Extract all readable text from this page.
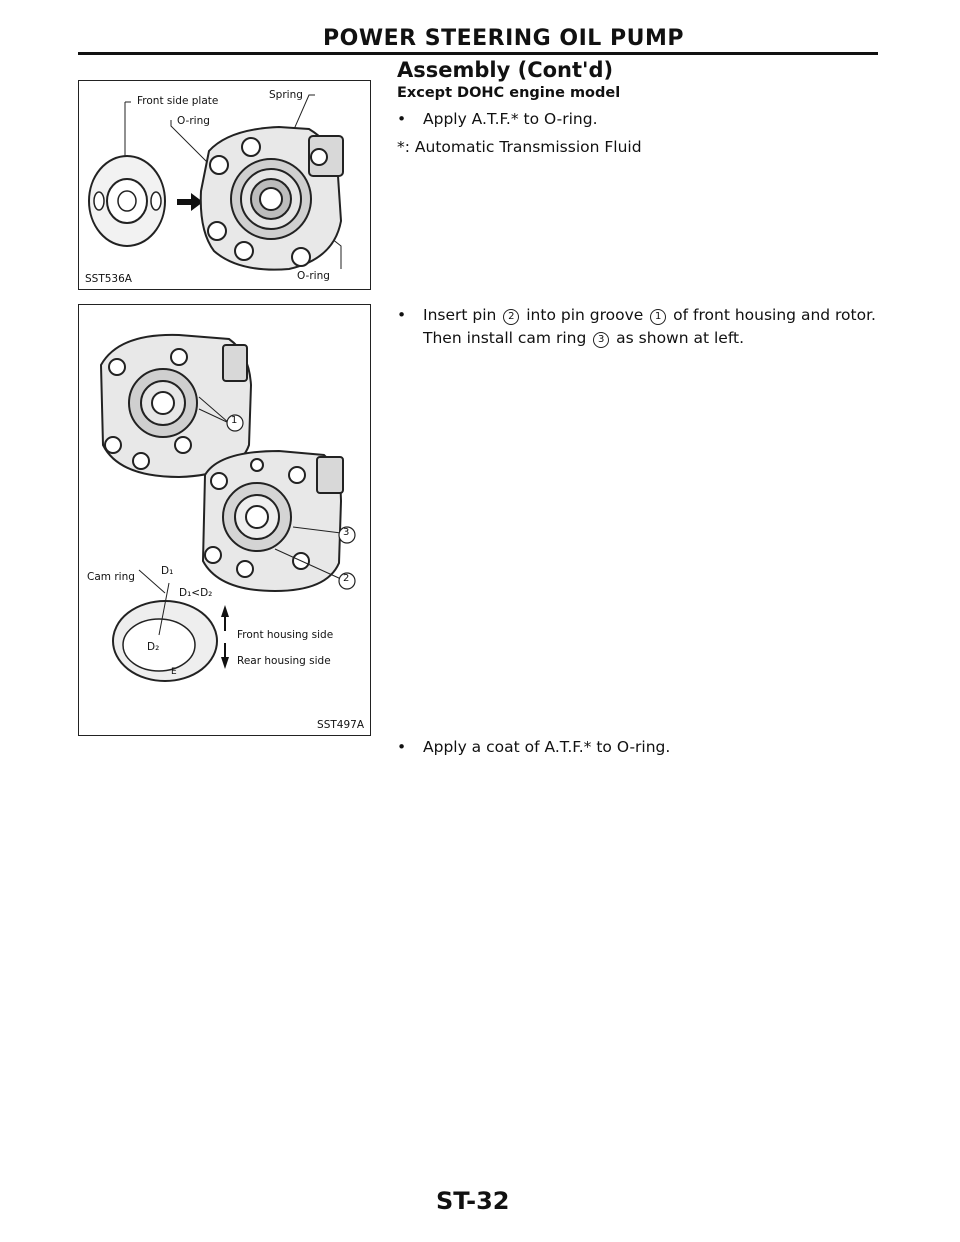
POWER STEERING OIL PUMP
Front side plate
O-ring
Spring
O-ring
SST536A
1
3
2
Cam ring D₁
D₁<D₂
D₂
E
Front housing side
Rear housing side
SST497A
Assembly (Cont'd)
Except DOHC engine model
• Apply A.T.F.* to O-ring.
*: Automatic Transmission Fluid
• Insert pin 2 into pin groove 1 of front housing and rotor.
Then install cam ring 3 as shown at left.
• Apply a coat of A.T.F.* to O-ring.
ST-32
